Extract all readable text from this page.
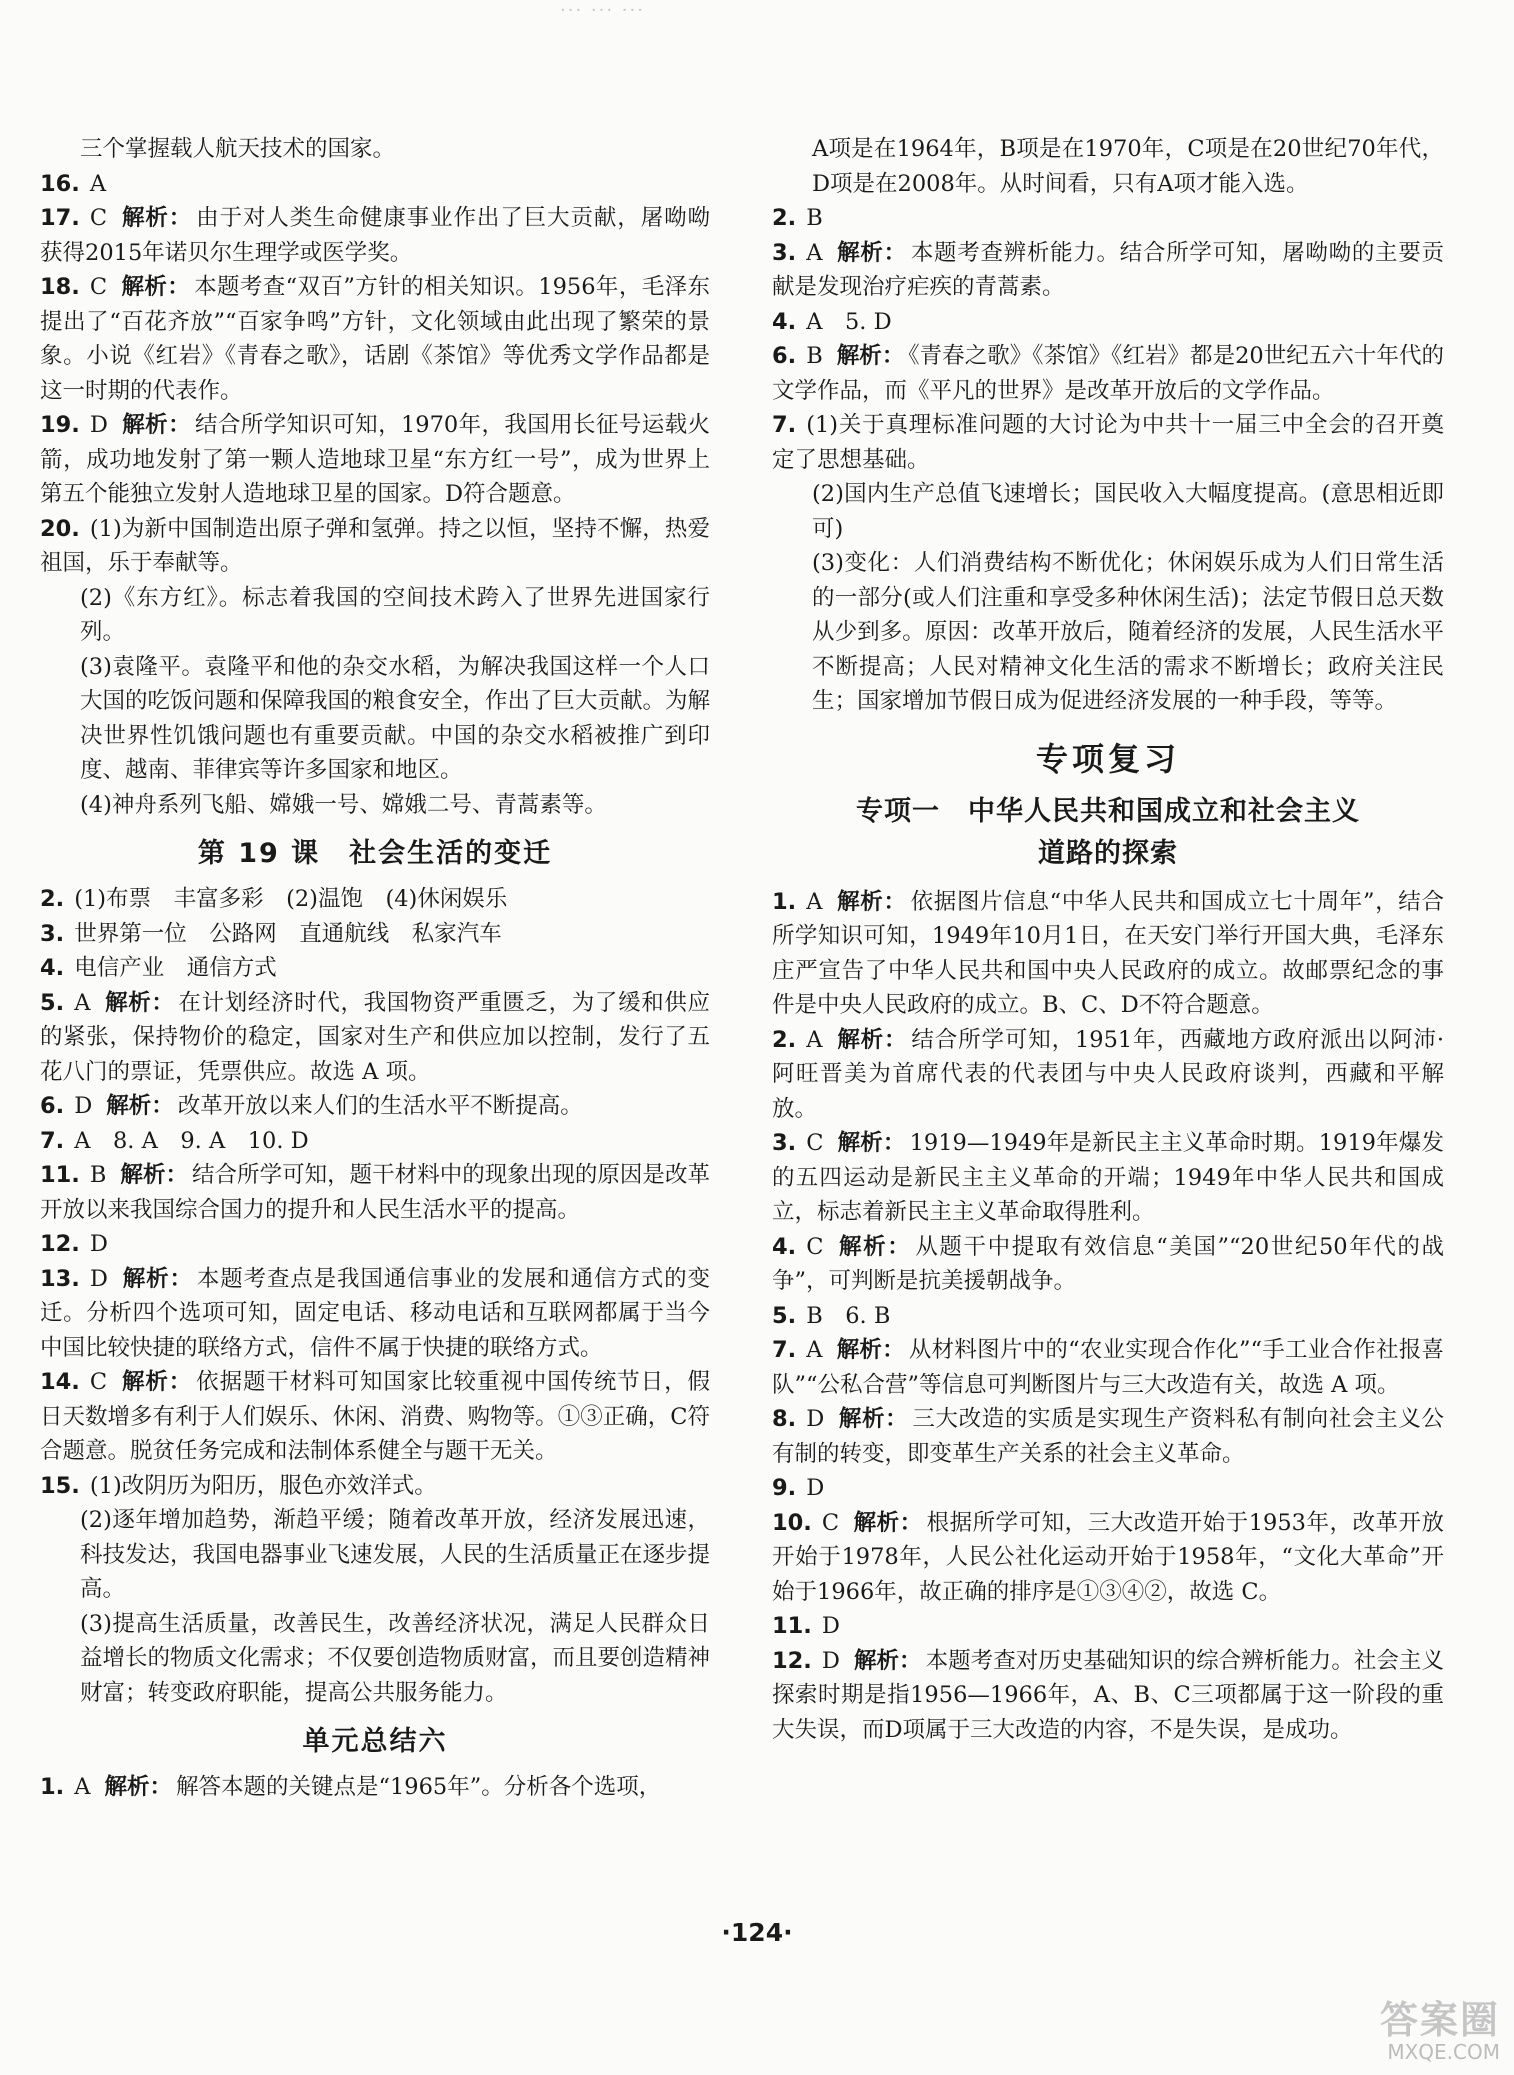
··· ··· ···

三个掌握载人航天技术的国家。

16. A

17. C 解析： 由于对人类生命健康事业作出了巨大贡献，屠呦呦获得2015年诺贝尔生理学或医学奖。

18. C 解析： 本题考查“双百”方针的相关知识。1956年，毛泽东提出了“百花齐放”“百家争鸣”方针，文化领域由此出现了繁荣的景象。小说《红岩》《青春之歌》，话剧《茶馆》等优秀文学作品都是这一时期的代表作。

19. D 解析： 结合所学知识可知，1970年，我国用长征号运载火箭，成功地发射了第一颗人造地球卫星“东方红一号”，成为世界上第五个能独立发射人造地球卫星的国家。D符合题意。

20. (1)为新中国制造出原子弹和氢弹。持之以恒，坚持不懈，热爱祖国，乐于奉献等。

(2)《东方红》。标志着我国的空间技术跨入了世界先进国家行列。

(3)袁隆平。袁隆平和他的杂交水稻，为解决我国这样一个人口大国的吃饭问题和保障我国的粮食安全，作出了巨大贡献。为解决世界性饥饿问题也有重要贡献。中国的杂交水稻被推广到印度、越南、菲律宾等许多国家和地区。

(4)神舟系列飞船、嫦娥一号、嫦娥二号、青蒿素等。

第 19 课　社会生活的变迁

2. (1)布票　丰富多彩　(2)温饱　(4)休闲娱乐

3. 世界第一位　公路网　直通航线　私家汽车

4. 电信产业　通信方式

5. A 解析： 在计划经济时代，我国物资严重匮乏，为了缓和供应的紧张，保持物价的稳定，国家对生产和供应加以控制，发行了五花八门的票证，凭票供应。故选 A 项。

6. D 解析： 改革开放以来人们的生活水平不断提高。

7. A　8. A　9. A　10. D

11. B 解析： 结合所学可知，题干材料中的现象出现的原因是改革开放以来我国综合国力的提升和人民生活水平的提高。

12. D

13. D 解析： 本题考查点是我国通信事业的发展和通信方式的变迁。分析四个选项可知，固定电话、移动电话和互联网都属于当今中国比较快捷的联络方式，信件不属于快捷的联络方式。

14. C 解析： 依据题干材料可知国家比较重视中国传统节日，假日天数增多有利于人们娱乐、休闲、消费、购物等。①③正确，C符合题意。脱贫任务完成和法制体系健全与题干无关。

15. (1)改阴历为阳历，服色亦效洋式。

(2)逐年增加趋势，渐趋平缓；随着改革开放，经济发展迅速，科技发达，我国电器事业飞速发展，人民的生活质量正在逐步提高。

(3)提高生活质量，改善民生，改善经济状况，满足人民群众日益增长的物质文化需求；不仅要创造物质财富，而且要创造精神财富；转变政府职能，提高公共服务能力。

单元总结六

1. A 解析： 解答本题的关键点是“1965年”。分析各个选项，

A项是在1964年，B项是在1970年，C项是在20世纪70年代，D项是在2008年。从时间看，只有A项才能入选。

2. B

3. A 解析： 本题考查辨析能力。结合所学可知，屠呦呦的主要贡献是发现治疗疟疾的青蒿素。

4. A　5. D

6. B 解析： 《青春之歌》《茶馆》《红岩》都是20世纪五六十年代的文学作品，而《平凡的世界》是改革开放后的文学作品。

7. (1)关于真理标准问题的大讨论为中共十一届三中全会的召开奠定了思想基础。

(2)国内生产总值飞速增长；国民收入大幅度提高。(意思相近即可)

(3)变化：人们消费结构不断优化；休闲娱乐成为人们日常生活的一部分(或人们注重和享受多种休闲生活)；法定节假日总天数从少到多。原因：改革开放后，随着经济的发展，人民生活水平不断提高；人民对精神文化生活的需求不断增长；政府关注民生；国家增加节假日成为促进经济发展的一种手段，等等。

专项复习
专项一　中华人民共和国成立和社会主义
道路的探索

1. A 解析： 依据图片信息“中华人民共和国成立七十周年”，结合所学知识可知，1949年10月1日，在天安门举行开国大典，毛泽东庄严宣告了中华人民共和国中央人民政府的成立。故邮票纪念的事件是中央人民政府的成立。B、C、D不符合题意。

2. A 解析： 结合所学可知，1951年，西藏地方政府派出以阿沛·阿旺晋美为首席代表的代表团与中央人民政府谈判，西藏和平解放。

3. C 解析： 1919—1949年是新民主主义革命时期。1919年爆发的五四运动是新民主主义革命的开端；1949年中华人民共和国成立，标志着新民主主义革命取得胜利。

4. C 解析： 从题干中提取有效信息“美国”“20世纪50年代的战争”，可判断是抗美援朝战争。

5. B　6. B

7. A 解析： 从材料图片中的“农业实现合作化”“手工业合作社报喜队”“公私合营”等信息可判断图片与三大改造有关，故选 A 项。

8. D 解析： 三大改造的实质是实现生产资料私有制向社会主义公有制的转变，即变革生产关系的社会主义革命。

9. D

10. C 解析： 根据所学可知，三大改造开始于1953年，改革开放开始于1978年，人民公社化运动开始于1958年，“文化大革命”开始于1966年，故正确的排序是①③④②，故选 C。

11. D

12. D 解析： 本题考查对历史基础知识的综合辨析能力。社会主义探索时期是指1956—1966年，A、B、C三项都属于这一阶段的重大失误，而D项属于三大改造的内容，不是失误，是成功。

·124·
答案圈
MXQE.COM
